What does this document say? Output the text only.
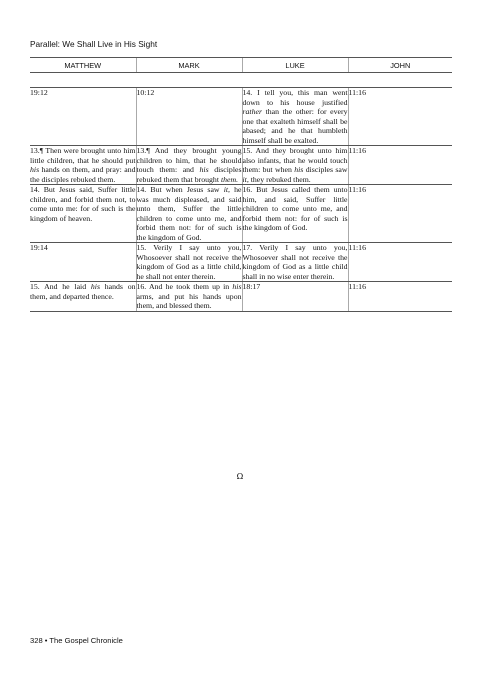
Parallel: We Shall Live in His Sight
MATTHEW	MARK	LUKE	JOHN

19:12	10:12	14. I tell you, this man went down to his house justified rather than the other: for every one that exalteth himself shall be abased; and he that humbleth himself shall be exalted.	11:16
13.¶ Then were brought unto him little children, that he should put his hands on them, and pray: and the disciples rebuked them.	13.¶ And they brought young children to him, that he should touch them: and his disciples rebuked them that brought them.	15. And they brought unto him also infants, that he would touch them: but when his disciples saw it, they rebuked them.	11:16
14. But Jesus said, Suffer little children, and forbid them not, to come unto me: for of such is the kingdom of heaven.	14. But when Jesus saw it, he was much displeased, and said unto them, Suffer the little children to come unto me, and forbid them not: for of such is the kingdom of God.	16. But Jesus called them unto him, and said, Suffer little children to come unto me, and forbid them not: for of such is the kingdom of God.	11:16
19:14	15. Verily I say unto you, Whosoever shall not receive the kingdom of God as a little child, he shall not enter therein.	17. Verily I say unto you, Whosoever shall not receive the kingdom of God as a little child shall in no wise enter therein.	11:16
15. And he laid his hands on them, and departed thence.	16. And he took them up in his arms, and put his hands upon them, and blessed them.	18:17	11:16
Ω
328 • The Gospel Chronicle
